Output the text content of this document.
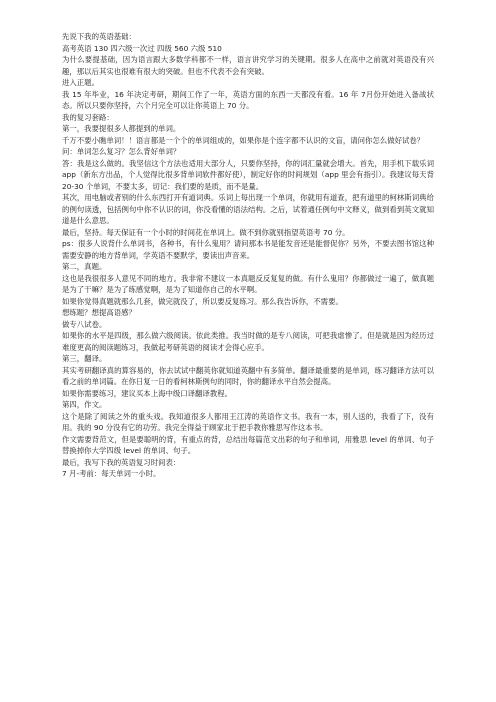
先说下我的英语基础：

高考英语 130 四六级一次过 四级 560 六级 510

为什么要提基础，因为语言跟大多数学科都不一样，语言讲究学习的关键期。很多人在高中之前就对英语没有兴趣，那以后其实也很难有很大的突破。但也不代表不会有突破。

进入正题。

我 15 年毕业，16 年决定考研，期间工作了一年，英语方面的东西一天都没有看。16 年 7月份开始进入备战状态。所以只要你坚持，六个月完全可以让你英语上 70 分。

我的复习套路：

第一，我要提很多人都提到的单词。

千万不要小瞧单词！！语言都是一个个的单词组成的，如果你是个连字都不认识的文盲，请问你怎么做好试卷？

问：单词怎么复习？怎么背好单词？

答：我是这么做的。我坚信这个方法也适用大部分人，只要你坚持，你的词汇量就会增大。首先，用手机下载乐词 app（新东方出品，个人觉得比很多背单词软件都好使），制定好你的时间规划（app 里会有指引）。我建议每天背 20-30 个单词，不要太多，切记：我们要的是质，而不是量。

其次，用电脑或者别的什么东西打开有道词典。乐词上每出现一个单词，你就用有道查，把有道里的柯林斯词典给的例句读透，包括例句中你不认识的词，你没看懂的语法结构。之后，试着通任例句中文释义，做到看到英文就知道是什么意思。

最后，坚持。每天保证有一个小时的时间花在单词上。做不到你就别指望英语考 70 分。

ps：很多人说背什么单词书，各种书，有什么鬼用？请问那本书是能发音还是能督促你？另外，不要去图书馆这种需要安静的地方背单词，学英语不要默学，要读出声音来。

第二，真题。

这也是我很很多人意见不同的地方。我非常不建议一本真题反反复复的做。有什么鬼用？你都做过一遍了，做真题是为了干嘛？是为了练感觉啊，是为了知道你自己的水平啊。

如果你觉得真题就那么几套，做完就没了，所以要反复练习。那么我告诉你，不需要。

想练题？想提高语感？

做专八试卷。

如果你的水平是四级，那么做六级阅读。依此类推。我当时做的是专八阅读，可把我虐惨了。但是就是因为经历过难度更高的阅读题练习，我做起考研英语的阅读才会得心应手。

第三，翻译。

其实考研翻译真的算容易的，你去试试中翻英你就知道英翻中有多简单。翻译最重要的是单词，练习翻译方法可以看之前的单词篇。在你日复一日的看柯林斯例句的同时，你的翻译水平自然会提高。

如果你需要练习，建议买本上海中级口译翻译教程。

第四，作文。

这个是除了阅读之外的重头戏。我知道很多人都用王江涛的英语作文书。我有一本，别人送的，我看了下，没有用。我的 90 分没有它的功劳。我完全得益于顾家北于把手教你雅思写作这本书。

作文需要背范文，但是要聪明的背，有重点的背，总结出每篇范文出彩的句子和单词，用雅思 level 的单词、句子替换掉你大学四级 level 的单词、句子。

最后，我写下我的英语复习时间表：

7 月-考前：每天单词一小时。
